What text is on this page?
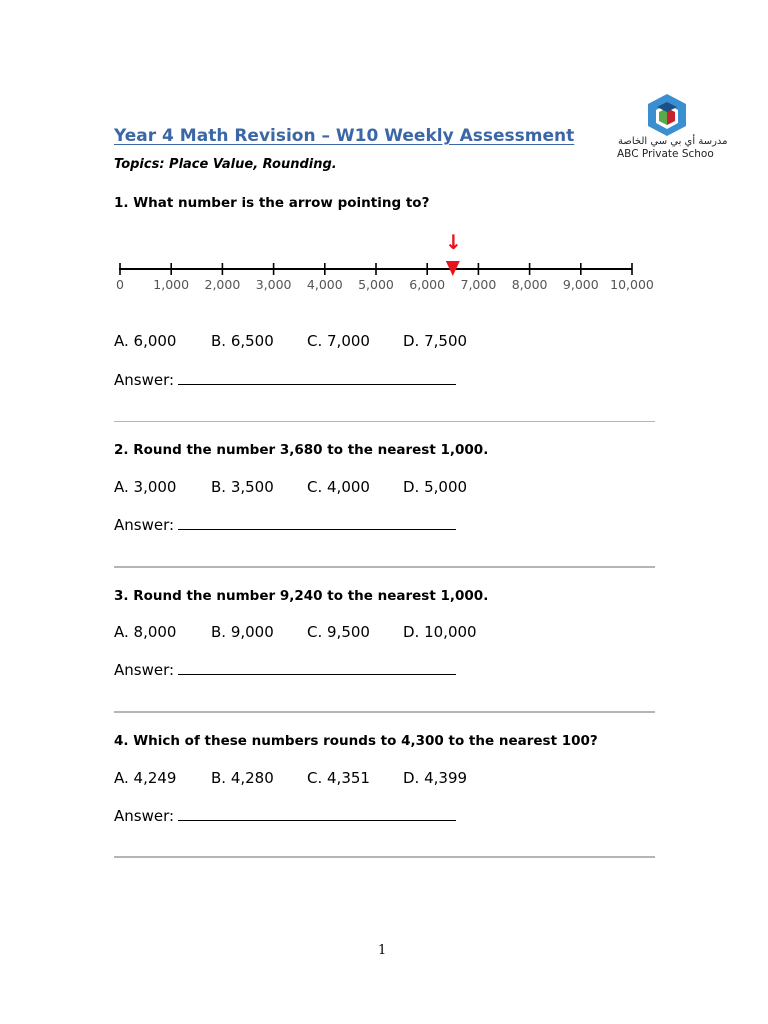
Year 4 Math Revision – W10 Weekly Assessment
Topics: Place Value, Rounding.
مدرسة أي بي سي الخاصة
ABC Private Schoo
1. What number is the arrow pointing to?
↓
0 1,000 2,000 3,000 4,000 5,000 6,000 7,000 8,000 9,000 10,000
A. 6,000 B. 6,500 C. 7,000 D. 7,500
Answer:
2. Round the number 3,680 to the nearest 1,000.
A. 3,000 B. 3,500 C. 4,000 D. 5,000
Answer:
3. Round the number 9,240 to the nearest 1,000.
A. 8,000 B. 9,000 C. 9,500 D. 10,000
Answer:
4. Which of these numbers rounds to 4,300 to the nearest 100?
A. 4,249 B. 4,280 C. 4,351 D. 4,399
Answer:
1
